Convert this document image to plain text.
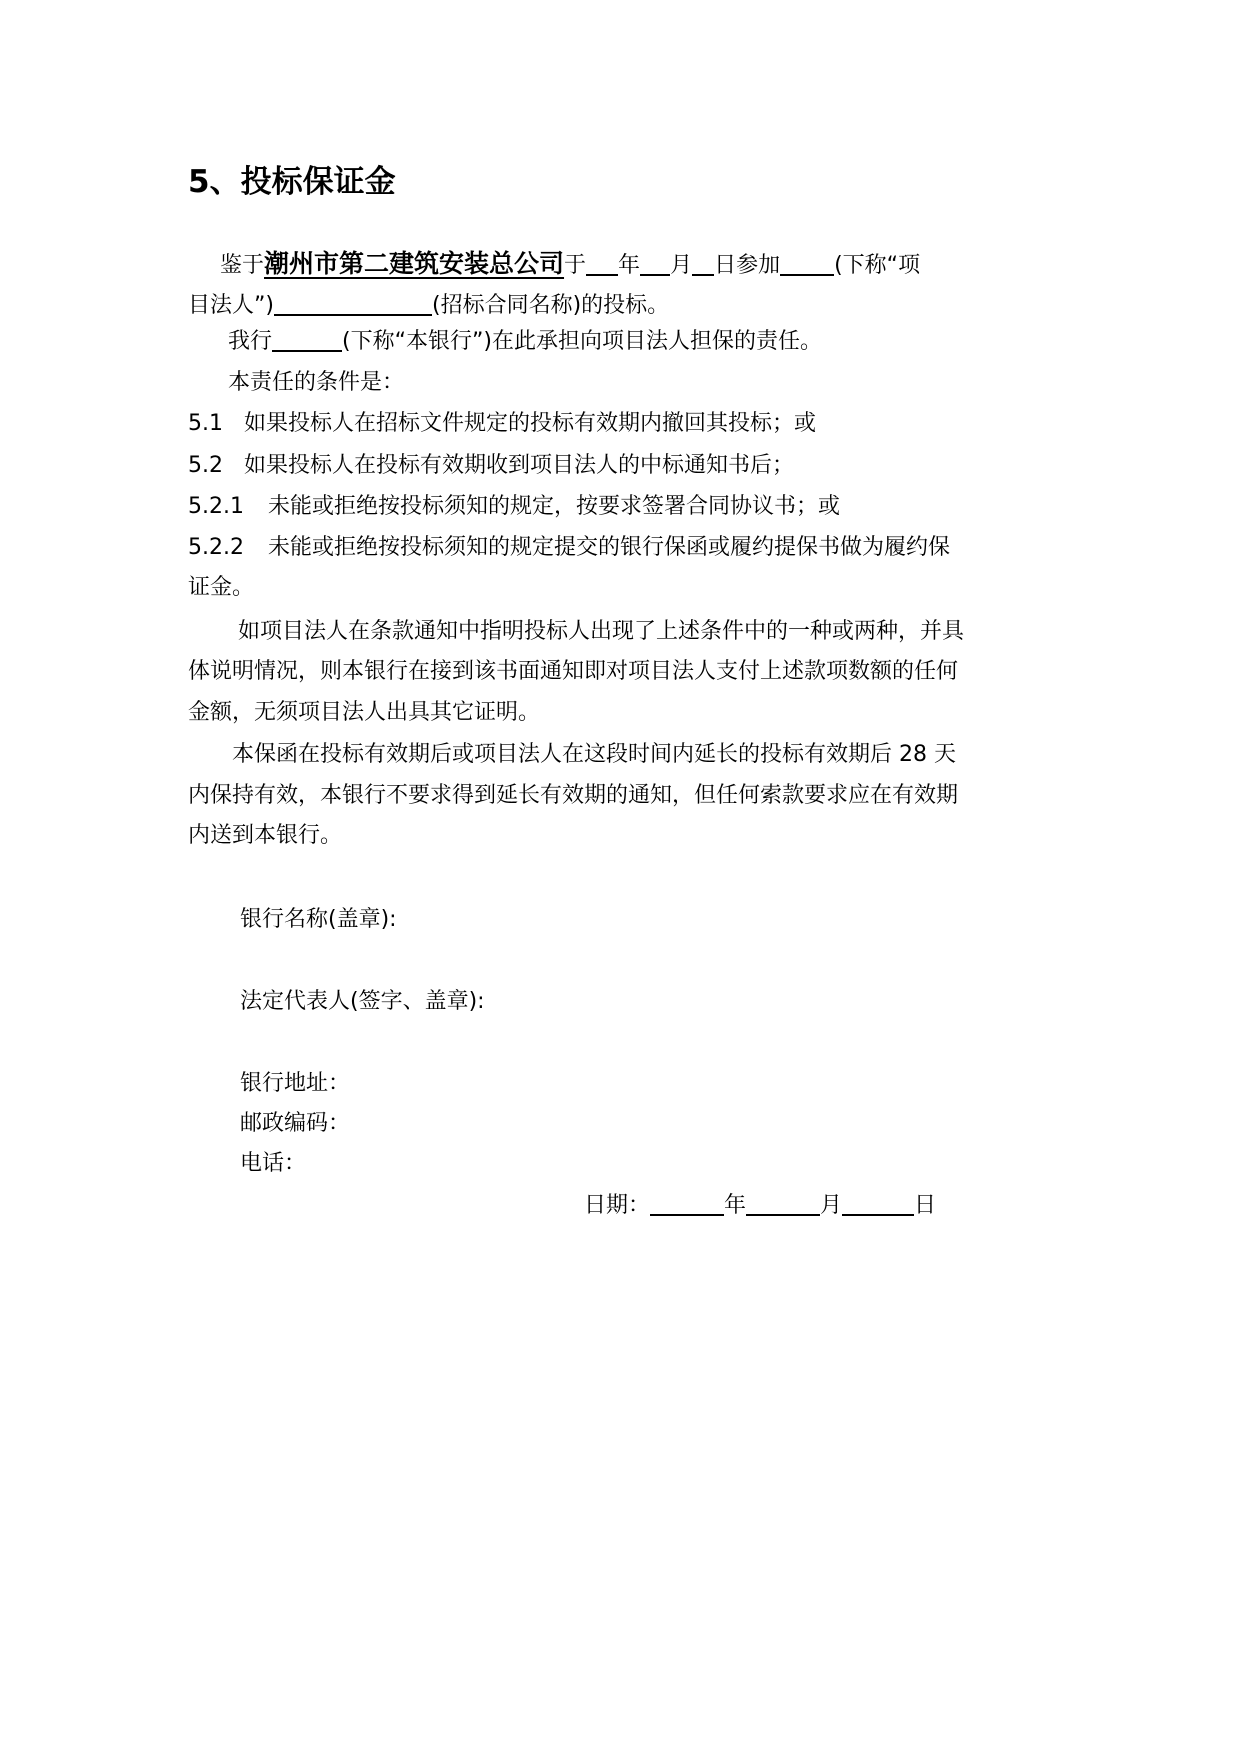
5、投标保证金
鉴于潮州市第二建筑安装总公司于 年 月 日参加 (下称“项
目法人”)	(招标合同名称)的投标。
我行	(下称“本银行”)在此承担向项目法人担保的责任。
本责任的条件是：
5.1 如果投标人在招标文件规定的投标有效期内撤回其投标；或
5.2 如果投标人在投标有效期收到项目法人的中标通知书后；
5.2.1 未能或拒绝按投标须知的规定，按要求签署合同协议书；或
5.2.2 未能或拒绝按投标须知的规定提交的银行保函或履约提保书做为履约保
证金。
如项目法人在条款通知中指明投标人出现了上述条件中的一种或两种，并具
体说明情况，则本银行在接到该书面通知即对项目法人支付上述款项数额的任何
金额，无须项目法人出具其它证明。
本保函在投标有效期后或项目法人在这段时间内延长的投标有效期后 28 天
内保持有效，本银行不要求得到延长有效期的通知，但任何索款要求应在有效期
内送到本银行。
银行名称(盖章):
法定代表人(签字、盖章):
银行地址：
邮政编码：
电话：
日期：	年	月	日
